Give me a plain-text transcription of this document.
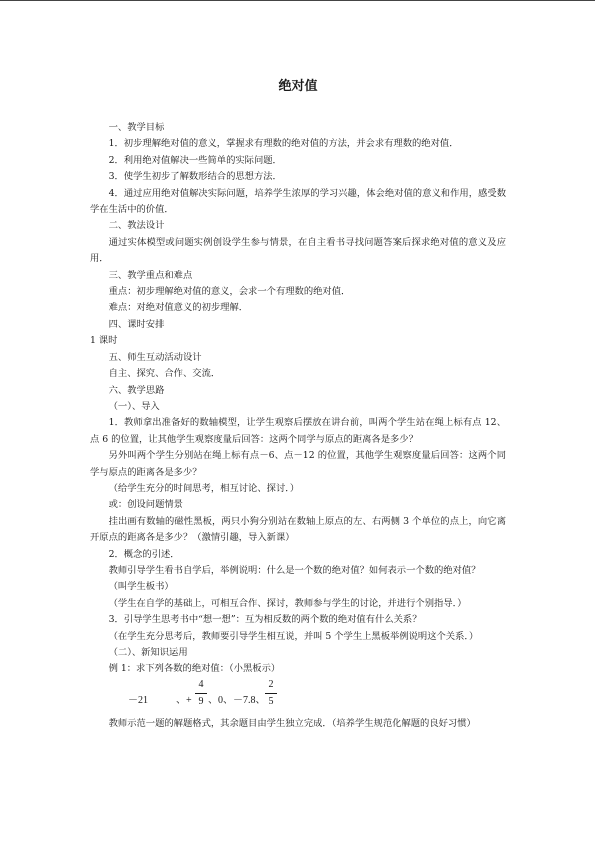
绝对值
一、教学目标
1．初步理解绝对值的意义，掌握求有理数的绝对值的方法，并会求有理数的绝对值．
2．利用绝对值解决一些简单的实际问题．
3．使学生初步了解数形结合的思想方法．
4．通过应用绝对值解决实际问题，培养学生浓厚的学习兴趣，体会绝对值的意义和作用，感受数学在生活中的价值．
二、教法设计
通过实体模型或问题实例创设学生参与情景，在自主看书寻找问题答案后探求绝对值的意义及应用．
三、教学重点和难点
重点：初步理解绝对值的意义，会求一个有理数的绝对值．
难点：对绝对值意义的初步理解．
四、课时安排
1 课时
五、师生互动活动设计
自主、探究、合作、交流．
六、教学思路
（一）、导入
1．教师拿出准备好的数轴模型，让学生观察后摆放在讲台前，叫两个学生站在绳上标有点 12、点 6 的位置，让其他学生观察度量后回答：这两个同学与原点的距离各是多少？
另外叫两个学生分别站在绳上标有点－6、点－12 的位置，其他学生观察度量后回答：这两个同学与原点的距离各是多少？
（给学生充分的时间思考，相互讨论、探讨．）
或：创设问题情景
挂出画有数轴的磁性黑板，两只小狗分别站在数轴上原点的左、右两侧 3 个单位的点上，向它离开原点的距离各是多少？（激情引趣，导入新课）
2．概念的引述．
教师引导学生看书自学后，举例说明：什么是一个数的绝对值？如何表示一个数的绝对值？
（叫学生板书）
（学生在自学的基础上，可相互合作、探讨，教师参与学生的讨论，并进行个别指导．）
3．引导学生思考书中“想一想”：互为相反数的两个数的绝对值有什么关系？
（在学生充分思考后，教师要引导学生相互说，并叫 5 个学生上黑板举例说明这个关系．）
（二）、新知识运用
例 1：求下列各数的绝对值：（小黑板示）
－21	、+
4
9 、0、－7.8、
2
5
教师示范一题的解题格式，其余题目由学生独立完成．（培养学生规范化解题的良好习惯）
